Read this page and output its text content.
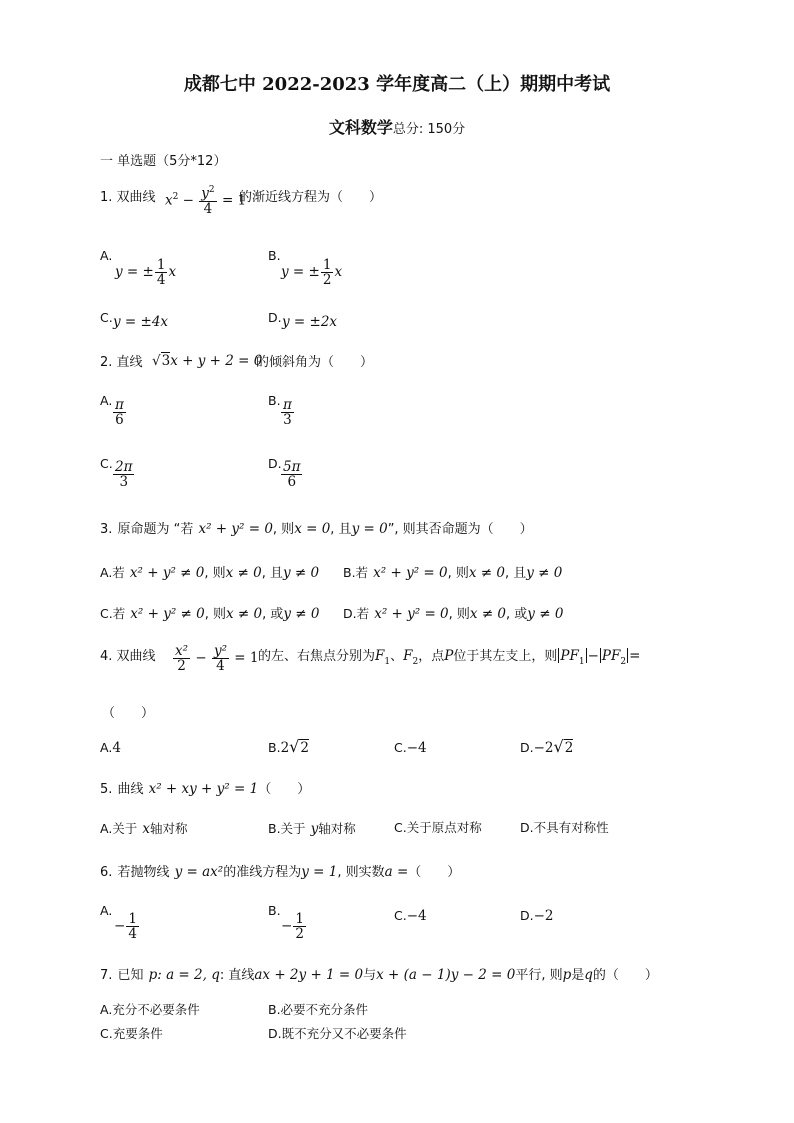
成都七中 2022-2023 学年度高二（上）期期中考试
文科数学总分: 150分
一 单选题（5分*12）
1. 双曲线 $x^2 - \frac{y^2}{4} = 1$
的渐近线方程为（　　）
A.
y = ± $\frac{1}{4}$ x
B.
y = ± $\frac{1}{2}$ x
C. y = ±4x	D. y = ±2x
2. 直线 √3x + y + 2 = 0
的倾斜角为（　　）
A. $\frac{\pi}{6}$	B. $\frac{\pi}{3}$
C. $\frac{2\pi}{3}$	D. $\frac{5\pi}{6}$
3. 原命题为 “若 x² + y² = 0, 则x = 0, 且y = 0”, 则其否命题为（　　）
A.若 x² + y² ≠ 0, 则x ≠ 0, 且y ≠ 0 B.若 x² + y² = 0, 则x ≠ 0, 且y ≠ 0
C.若 x² + y² ≠ 0, 则x ≠ 0, 或y ≠ 0 D.若 x² + y² = 0, 则x ≠ 0, 或y ≠ 0
4. 双曲线 $\frac{\text{x²}}{2} - \frac{\text{y²}}{4} = 1$ 的左、右焦点分别为$F_1$、$F_2$，点P位于其左支上，则 $PF_1 - PF_2$ =
（　　）
A.4	B.2√2	C.−4	D.−2√2
5. 曲线 x² + xy + y² = 1（　　）
A.关于 x轴对称	B.关于 y轴对称	C.关于原点对称	D.不具有对称性
6. 若抛物线 y = ax²的准线方程为y = 1, 则实数a =（　　）
A.
− $\frac{1}{4}$
B.
− $\frac{1}{2}$	C.−4	D.−2
7. 已知 p: a = 2, q: 直线ax + 2y + 1 = 0与x + (a − 1)y − 2 = 0平行, 则p是q的（　　）
A.充分不必要条件	B.必要不充分条件
C.充要条件	D.既不充分又不必要条件
